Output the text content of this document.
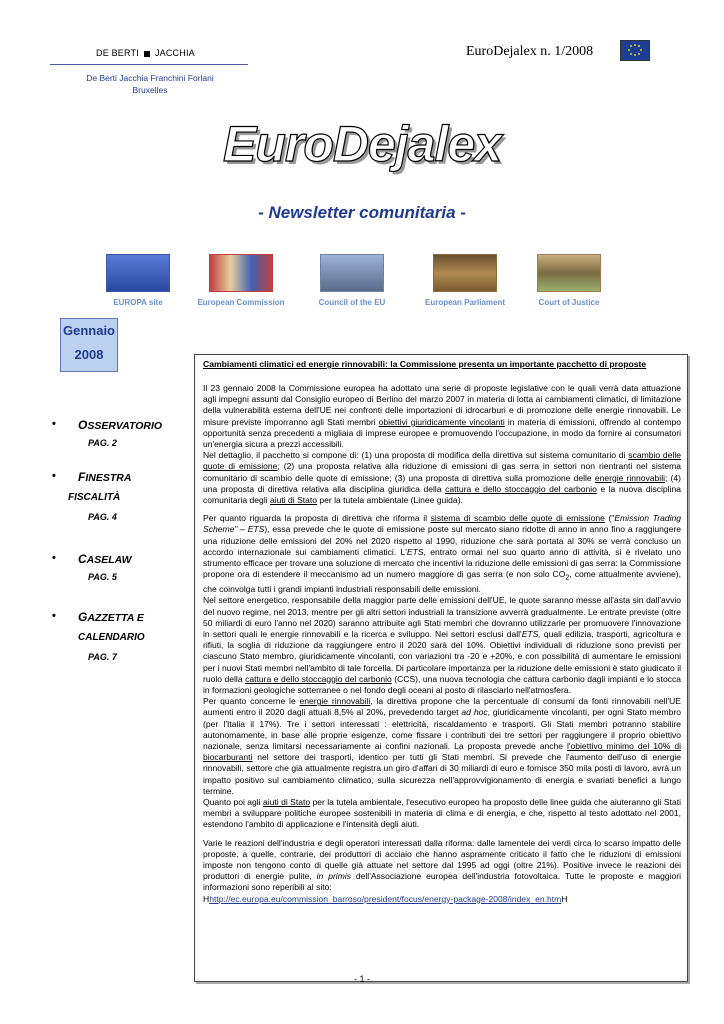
DE BERTI JACCHIA
De Berti Jacchia Franchini Forlani
Bruxelles
EuroDejalex n. 1/2008
EuroDejalex
- Newsletter comunitaria -
EUROPA site	European Commission	Council of the EU	European Parliament	Court of Justice
Gennaio
2008
• OSSERVATORIO
PAG. 2
• FINESTRA
FISCALITÀ
PAG. 4
• CASELAW
PAG. 5
• GAZZETTA E
CALENDARIO
PAG. 7
Cambiamenti climatici ed energie rinnovabili: la Commissione presenta un importante pacchetto di proposte

Il 23 gennaio 2008 la Commissione europea ha adottato una serie di proposte legislative con le quali verrà data attuazione agli impegni assunti dal Consiglio europeo di Berlino del marzo 2007 in materia di lotta ai cambiamenti climatici, di limitazione della vulnerabilità esterna dell'UE nei confronti delle importazioni di idrocarburi e di promozione delle energie rinnovabili. Le misure previste imporranno agli Stati membri obiettivi giuridicamente vincolanti in materia di emissioni, offrendo al contempo opportunità senza precedenti a migliaia di imprese europee e promuovendo l'occupazione, in modo da fornire ai consumatori un'energia sicura a prezzi accessibili.

Nel dettaglio, il pacchetto si compone di: (1) una proposta di modifica della direttiva sul sistema comunitario di scambio delle quote di emissione; (2) una proposta relativa alla riduzione di emissioni di gas serra in settori non rientranti nel sistema comunitario di scambio delle quote di emissione; (3) una proposta di direttiva sulla promozione delle energie rinnovabili; (4) una proposta di direttiva relativa alla disciplina giuridica della cattura e dello stoccaggio del carbonio e la nuova disciplina comunitaria degli aiuti di Stato per la tutela ambientale (Linee guida).

Per quanto riguarda la proposta di direttiva che riforma il sistema di scambio delle quote di emissione ("Emission Trading Scheme" – ETS), essa prevede che le quote di emissione poste sul mercato siano ridotte di anno in anno fino a raggiungere una riduzione delle emissioni del 20% nel 2020 rispetto al 1990, riduzione che sarà portata al 30% se verrà concluso un accordo internazionale sui cambiamenti climatici. L'ETS, entrato ormai nel suo quarto anno di attività, si è rivelato uno strumento efficace per trovare una soluzione di mercato che incentivi la riduzione delle emissioni di gas serra: la Commissione propone ora di estendere il meccanismo ad un numero maggiore di gas serra (e non solo $CO_2$, come attualmente avviene), che coinvolga tutti i grandi impianti industriali responsabili delle emissioni.

Nel settore energetico, responsabile della maggior parte delle emissioni dell'UE, le quote saranno messe all'asta sin dall'avvio del nuovo regime, nel 2013, mentre per gli altri settori industriali la transizione avverrà gradualmente. Le entrate previste (oltre 50 miliardi di euro l'anno nel 2020) saranno attribuite agli Stati membri che dovranno utilizzarle per promuovere l'innovazione in settori quali le energie rinnovabili e la ricerca e sviluppo. Nei settori esclusi dall'ETS, quali edilizia, trasporti, agricoltura e rifiuti, la soglia di riduzione da raggiungere entro il 2020 sarà del 10%. Obiettivi individuali di riduzione sono previsti per ciascuno Stato membro, giuridicamente vincolanti, con variazioni tra -20 e +20%, e con possibilità di aumentare le emissioni per i nuovi Stati membri nell'ambito di tale forcella. Di particolare importanza per la riduzione delle emissioni è stato giudicato il ruolo della cattura e dello stoccaggio del carbonio (CCS), una nuova tecnologia che cattura carbonio dagli impianti e lo stocca in formazioni geologiche sotterranee o nel fondo degli oceani al posto di rilasciarlo nell'atmosfera.

Per quanto concerne le energie rinnovabili, la direttiva propone che la percentuale di consumi da fonti rinnovabili nell'UE aumenti entro il 2020 dagli attuali 8,5% al 20%, prevedendo target ad hoc, giuridicamente vincolanti, per ogni Stato membro (per l'Italia il 17%). Tre i settori interessati : elettricità, riscaldamento e trasporti. Gli Stati membri potranno stabilire autonomamente, in base alle proprie esigenze, come fissare i contributi dei tre settori per raggiungere il proprio obiettivo nazionale, senza limitarsi necessariamente ai confini nazionali. La proposta prevede anche l'obiettivo minimo del 10% di biocarburanti nel settore dei trasporti, identico per tutti gli Stati membri. Si prevede che l'aumento dell'uso di energie rinnovabili, settore che già attualmente registra un giro d'affari di 30 miliardi di euro e fornisce 350 mila posti di lavoro, avrà un impatto positivo sul cambiamento climatico, sulla sicurezza nell'approvvigionamento di energia e svariati benefici a lungo termine.

Quanto poi agli aiuti di Stato per la tutela ambientale, l'esecutivo europeo ha proposto delle linee guida che aiuteranno gli Stati membri a sviluppare politiche europee sostenibili in materia di clima e di energia, e che, rispetto al testo adottato nel 2001, estendono l'ambito di applicazione e l'intensità degli aiuti.

Varie le reazioni dell'industria e degli operatori interessati dalla riforma: dalle lamentele dei verdi circa lo scarso impatto delle proposte, a quelle, contrarie, dei produttori di acciaio che hanno aspramente criticato il fatto che le riduzioni di emissioni imposte non tengono conto di quelle già attuate nel settore dal 1995 ad oggi (oltre 21%). Positive invece le reazioni dei produttori di energie pulite, in primis dell'Associazione europea dell'industria fotovoltaica. Tutte le proposte e maggiori informazioni sono reperibili al sito:

Hhttp://ec.europa.eu/commission_barroso/president/focus/energy-package-2008/index_en.htmH

- 1 -
